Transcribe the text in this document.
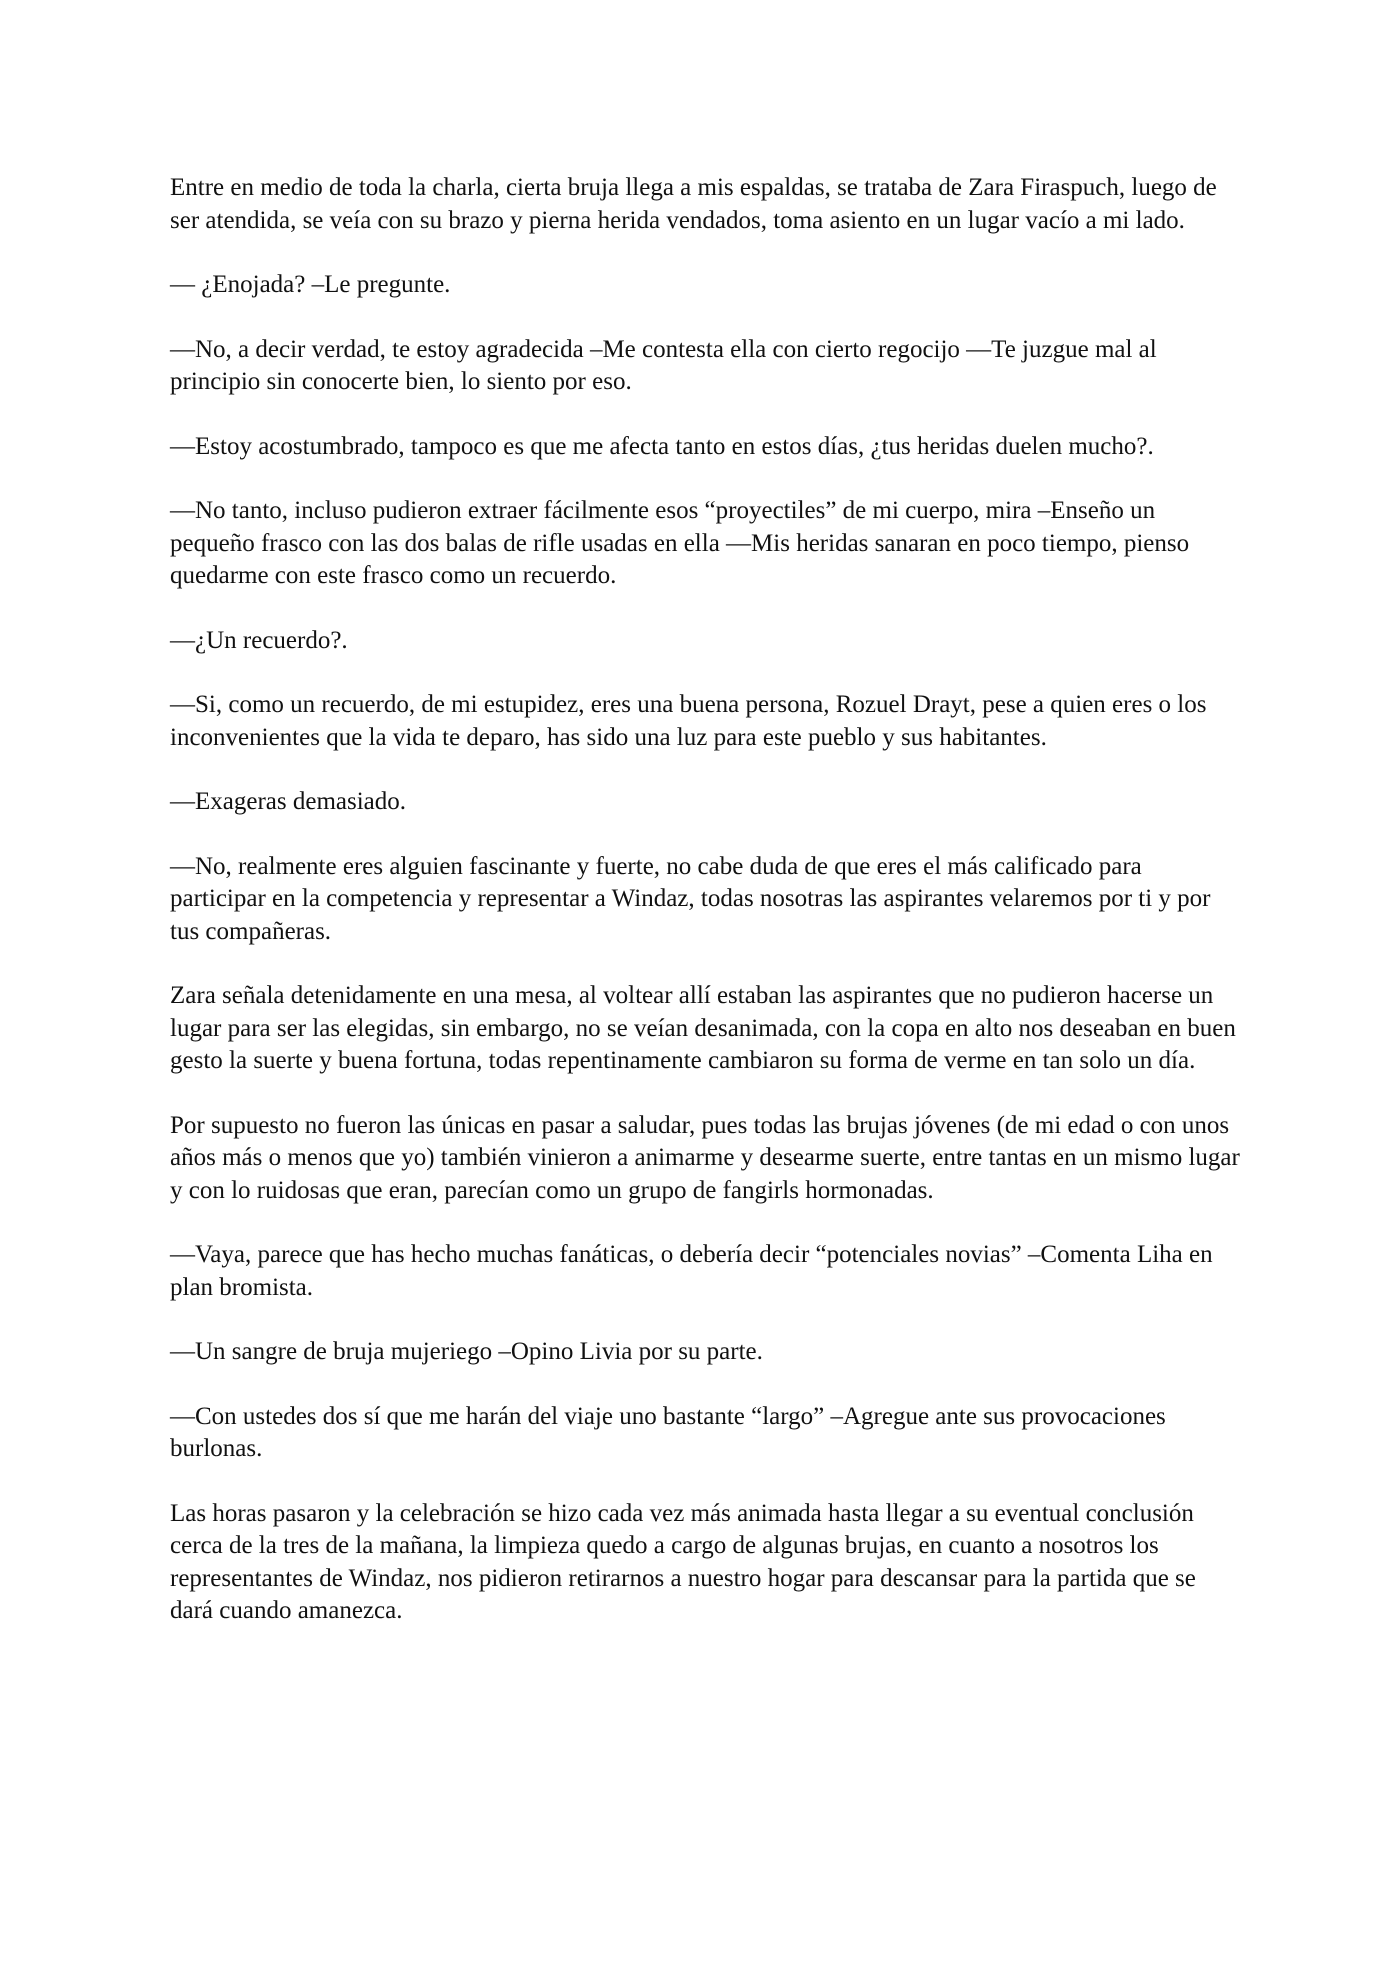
Entre en medio de toda la charla, cierta bruja llega a mis espaldas, se trataba de Zara Firaspuch, luego de ser atendida, se veía con su brazo y pierna herida vendados, toma asiento en un lugar vacío a mi lado.

— ¿Enojada? –Le pregunte.

—No, a decir verdad, te estoy agradecida –Me contesta ella con cierto regocijo —Te juzgue mal al principio sin conocerte bien, lo siento por eso.

—Estoy acostumbrado, tampoco es que me afecta tanto en estos días, ¿tus heridas duelen mucho?.

—No tanto, incluso pudieron extraer fácilmente esos “proyectiles” de mi cuerpo, mira –Enseño un pequeño frasco con las dos balas de rifle usadas en ella —Mis heridas sanaran en poco tiempo, pienso quedarme con este frasco como un recuerdo.

—¿Un recuerdo?.

—Si, como un recuerdo, de mi estupidez, eres una buena persona, Rozuel Drayt, pese a quien eres o los inconvenientes que la vida te deparo, has sido una luz para este pueblo y sus habitantes.

—Exageras demasiado.

—No, realmente eres alguien fascinante y fuerte, no cabe duda de que eres el más calificado para participar en la competencia y representar a Windaz, todas nosotras las aspirantes velaremos por ti y por tus compañeras.

Zara señala detenidamente en una mesa, al voltear allí estaban las aspirantes que no pudieron hacerse un lugar para ser las elegidas, sin embargo, no se veían desanimada, con la copa en alto nos deseaban en buen gesto la suerte y buena fortuna, todas repentinamente cambiaron su forma de verme en tan solo un día.

Por supuesto no fueron las únicas en pasar a saludar, pues todas las brujas jóvenes (de mi edad o con unos años más o menos que yo) también vinieron a animarme y desearme suerte, entre tantas en un mismo lugar y con lo ruidosas que eran, parecían como un grupo de fangirls hormonadas.

—Vaya, parece que has hecho muchas fanáticas, o debería decir “potenciales novias” –Comenta Liha en plan bromista.

—Un sangre de bruja mujeriego –Opino Livia por su parte.

—Con ustedes dos sí que me harán del viaje uno bastante “largo” –Agregue ante sus provocaciones burlonas.

Las horas pasaron y la celebración se hizo cada vez más animada hasta llegar a su eventual conclusión cerca de la tres de la mañana, la limpieza quedo a cargo de algunas brujas, en cuanto a nosotros los representantes de Windaz, nos pidieron retirarnos a nuestro hogar para descansar para la partida que se dará cuando amanezca.
